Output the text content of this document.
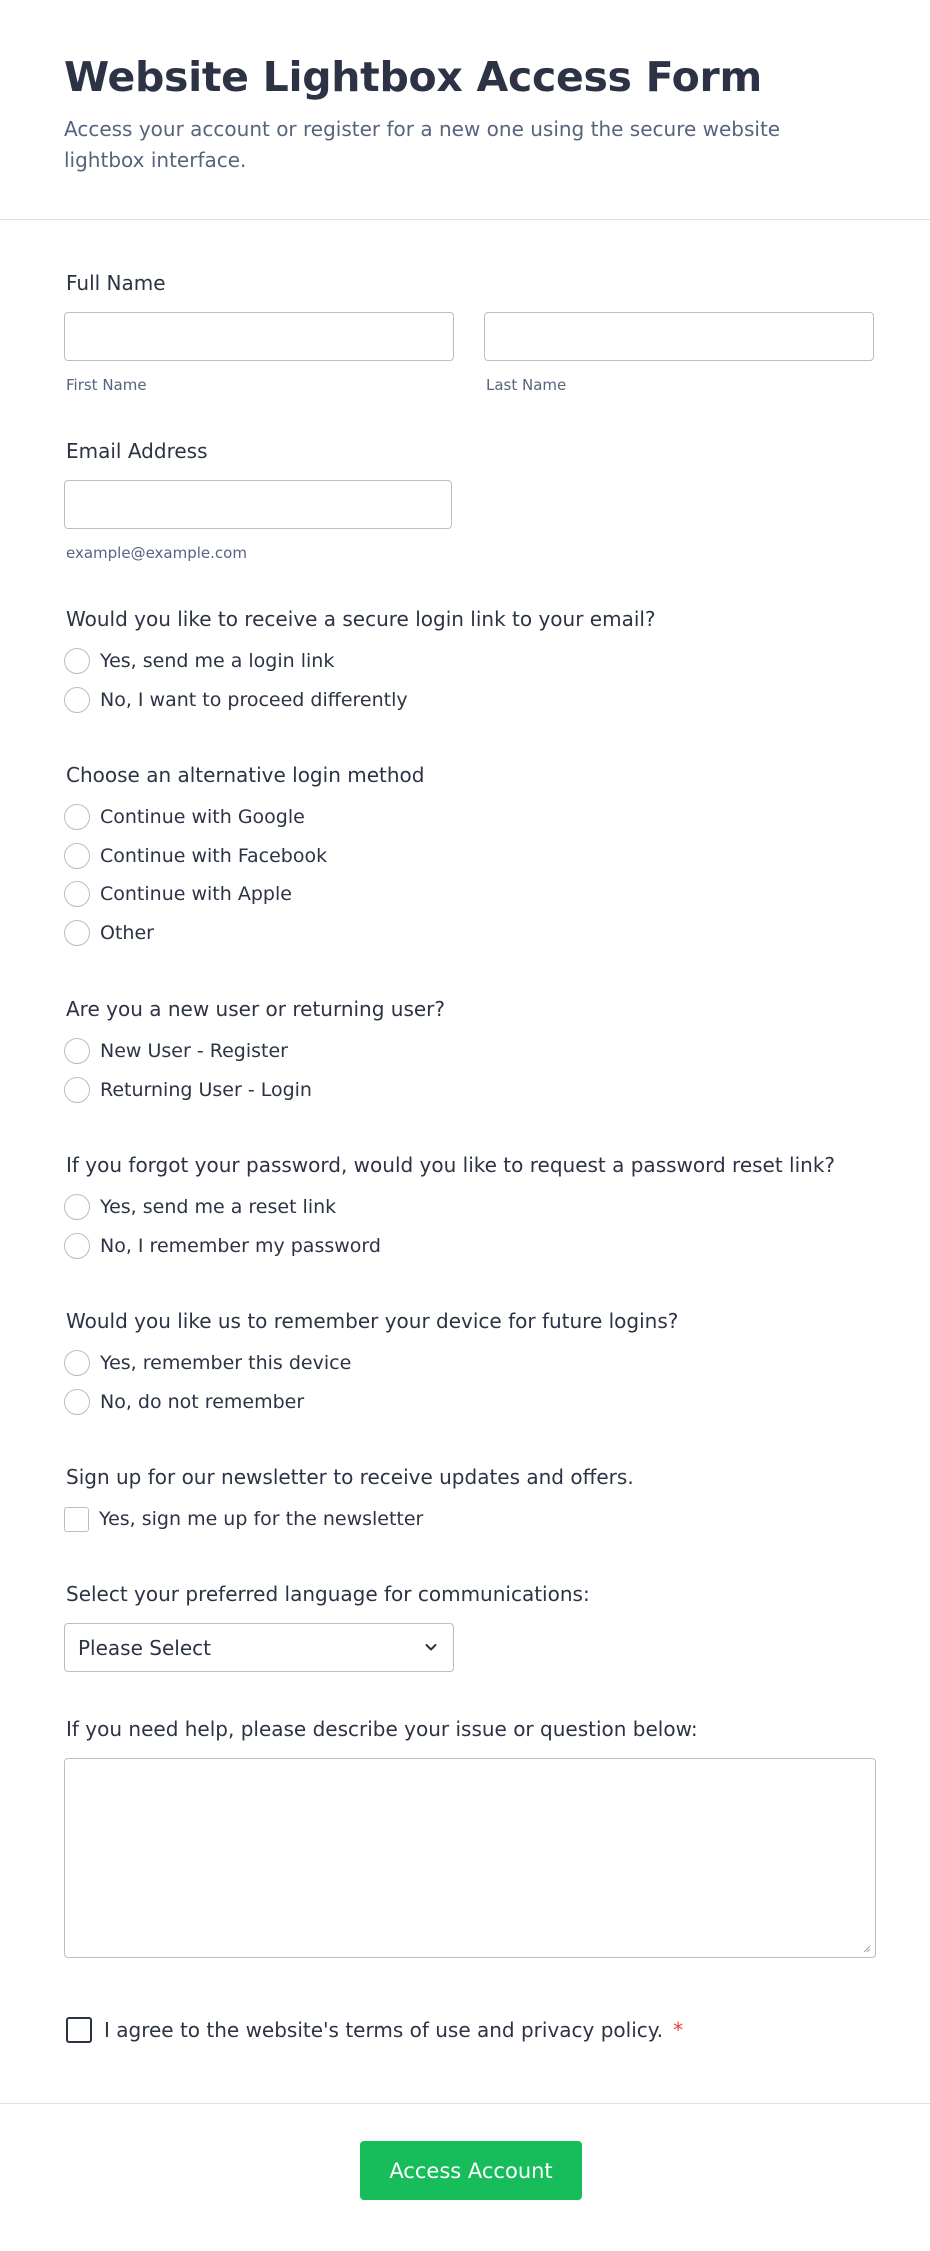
Website Lightbox Access Form

Access your account or register for a new one using the secure website lightbox interface.

Full Name
First Name	Last Name
Email Address
example@example.com
Would you like to receive a secure login link to your email?
Yes, send me a login link
No, I want to proceed differently
Choose an alternative login method
Continue with Google
Continue with Facebook
Continue with Apple
Other
Are you a new user or returning user?
New User - Register
Returning User - Login
If you forgot your password, would you like to request a password reset link?
Yes, send me a reset link
No, I remember my password
Would you like us to remember your device for future logins?
Yes, remember this device
No, do not remember
Sign up for our newsletter to receive updates and offers.
Yes, sign me up for the newsletter
Select your preferred language for communications:
Please Select
If you need help, please describe your issue or question below:
I agree to the website's terms of use and privacy policy. *
Access Account
